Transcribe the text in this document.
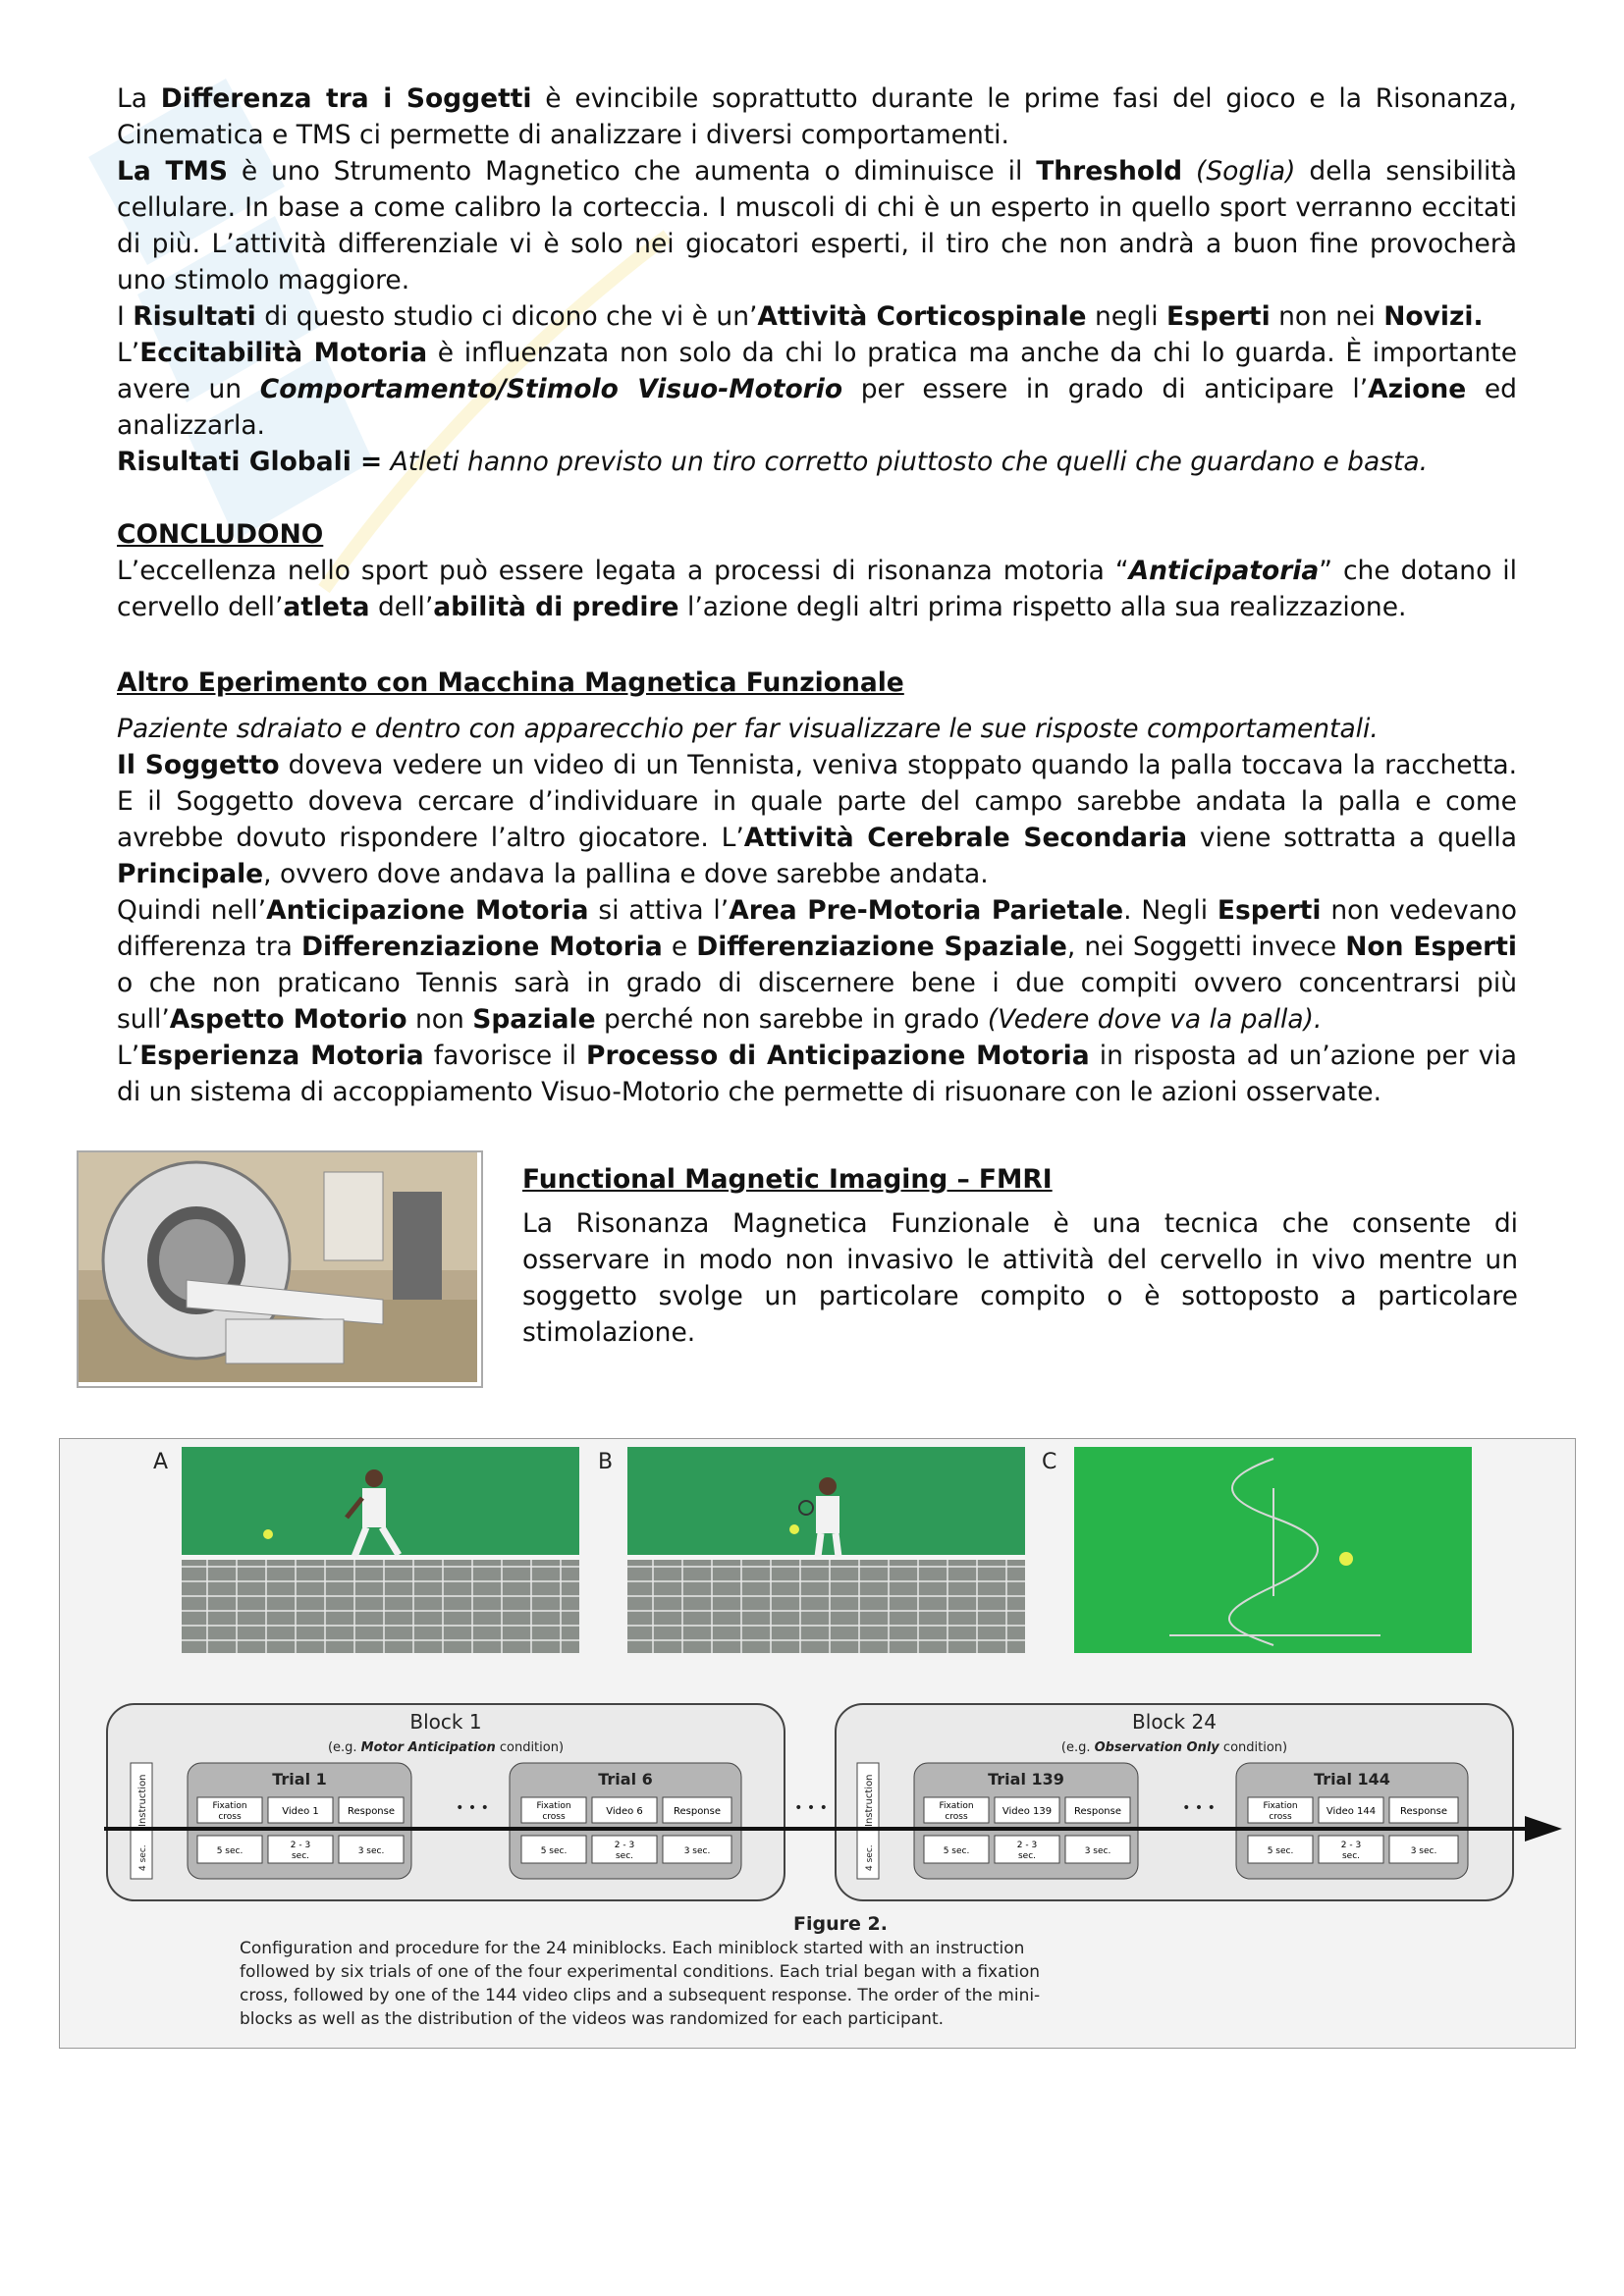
La Differenza tra i Soggetti è evincibile soprattutto durante le prime fasi del gioco e la Risonanza, Cinematica e TMS ci permette di analizzare i diversi comportamenti.

La TMS è uno Strumento Magnetico che aumenta o diminuisce il Threshold (Soglia) della sensibilità cellulare. In base a come calibro la corteccia. I muscoli di chi è un esperto in quello sport verranno eccitati di più. L’attività differenziale vi è solo nei giocatori esperti, il tiro che non andrà a buon fine provocherà uno stimolo maggiore.

I Risultati di questo studio ci dicono che vi è un’Attività Corticospinale negli Esperti non nei Novizi.

L’Eccitabilità Motoria è influenzata non solo da chi lo pratica ma anche da chi lo guarda. È importante avere un Comportamento/Stimolo Visuo-Motorio per essere in grado di anticipare l’Azione ed analizzarla.

Risultati Globali = Atleti hanno previsto un tiro corretto piuttosto che quelli che guardano e basta.

CONCLUDONO

L’eccellenza nello sport può essere legata a processi di risonanza motoria “Anticipatoria” che dotano il cervello dell’atleta dell’abilità di predire l’azione degli altri prima rispetto alla sua realizzazione.

Altro Eperimento con Macchina Magnetica Funzionale

Paziente sdraiato e dentro con apparecchio per far visualizzare le sue risposte comportamentali.

Il Soggetto doveva vedere un video di un Tennista, veniva stoppato quando la palla toccava la racchetta. E il Soggetto doveva cercare d’individuare in quale parte del campo sarebbe andata la palla e come avrebbe dovuto rispondere l’altro giocatore. L’Attività Cerebrale Secondaria viene sottratta a quella Principale, ovvero dove andava la pallina e dove sarebbe andata.

Quindi nell’Anticipazione Motoria si attiva l’Area Pre-Motoria Parietale. Negli Esperti non vedevano differenza tra Differenziazione Motoria e Differenziazione Spaziale, nei Soggetti invece Non Esperti o che non praticano Tennis sarà in grado di discernere bene i due compiti ovvero concentrarsi più sull’Aspetto Motorio non Spaziale perché non sarebbe in grado (Vedere dove va la palla).

L’Esperienza Motoria favorisce il Processo di Anticipazione Motoria in risposta ad un’azione per via di un sistema di accoppiamento Visuo-Motorio che permette di risuonare con le azioni osservate.

Functional Magnetic Imaging – FMRI

La Risonanza Magnetica Funzionale è una tecnica che consente di osservare in modo non invasivo le attività del cervello in vivo mentre un soggetto svolge un particolare compito o è sottoposto a particolare stimolazione.

A	B	C
Block 1
(e.g. Motor Anticipation condition)
Instruction
4 sec.
Trial 1
Fixation
cross	Video 1	Response
5 sec.
2 - 3
sec.	3 sec.
• • •
Trial 6
Fixation
cross	Video 6	Response
5 sec.
2 - 3
sec.	3 sec.
• • •
Block 24
(e.g. Observation Only condition)
Instruction
4 sec.
Trial 139
Fixation
cross	Video 139 Response
5 sec.
2 - 3
sec.	3 sec.
• • •
Trial 144
Fixation
cross	Video 144 Response
5 sec.
2 - 3
sec.	3 sec.
Figure 2.
Configuration and procedure for the 24 miniblocks. Each miniblock started with an instruction
followed by six trials of one of the four experimental conditions. Each trial began with a fixation
cross, followed by one of the 144 video clips and a subsequent response. The order of the mini-
blocks as well as the distribution of the videos was randomized for each participant.
